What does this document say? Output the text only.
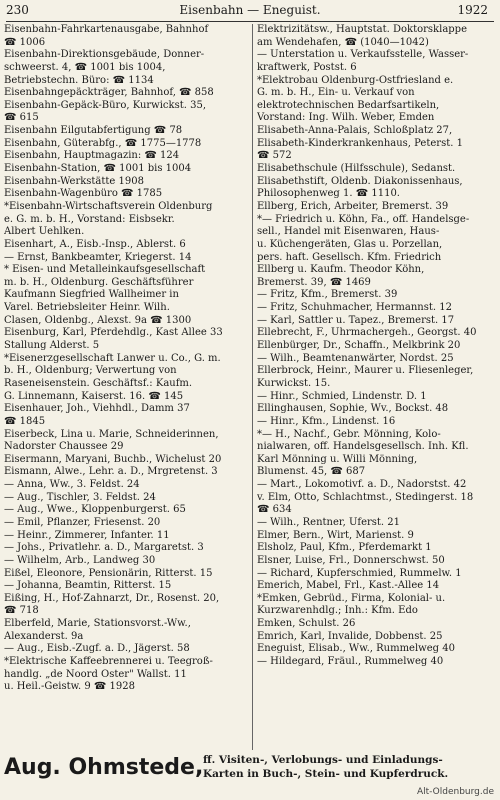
230	Eisenbahn — Eneguist.	1922
Eisenbahn-Fahrkartenausgabe, Bahnhof
☎ 1006
Eisenbahn-Direktionsgebäude, Donner-
schweerst. 4, ☎ 1001 bis 1004,
Betriebstechn. Büro: ☎ 1134
Eisenbahngepäckträger, Bahnhof, ☎ 858
Eisenbahn-Gepäck-Büro, Kurwickst. 35,
☎ 615
Eisenbahn Eilgutabfertigung ☎ 78
Eisenbahn, Güterabfg., ☎ 1775—1778
Eisenbahn, Hauptmagazin: ☎ 124
Eisenbahn-Station, ☎ 1001 bis 1004
Eisenbahn-Werkstätte 1908
Eisenbahn-Wagenbüro ☎ 1785
*Eisenbahn-Wirtschaftsverein Oldenburg
e. G. m. b. H., Vorstand: Eisbsekr.
Albert Uehlken.
Eisenhart, A., Eisb.-Insp., Ablerst. 6
— Ernst, Bankbeamter, Kriegerst. 14
* Eisen- und Metalleinkaufsgesellschaft
m. b. H., Oldenburg. Geschäftsführer
Kaufmann Siegfried Wallheimer in
Varel. Betriebsleiter Heinr. Wilh.
Clasen, Oldenbg., Alexst. 9a ☎ 1300
Eisenburg, Karl, Pferdehdlg., Kast Allee 33
Stallung Alderst. 5
*Eisenerzgesellschaft Lanwer u. Co., G. m.
b. H., Oldenburg; Verwertung von
Raseneisenstein. Geschäftsf.: Kaufm.
G. Linnemann, Kaiserst. 16. ☎ 145
Eisenhauer, Joh., Viehhdl., Damm 37
☎ 1845
Eiserbeck, Lina u. Marie, Schneiderinnen,
Nadorster Chaussee 29
Eisermann, Maryani, Buchb., Wichelust 20
Eismann, Alwe., Lehr. a. D., Mrgretenst. 3
— Anna, Ww., 3. Feldst. 24
— Aug., Tischler, 3. Feldst. 24
— Aug., Wwe., Kloppenburgerst. 65
— Emil, Pflanzer, Friesenst. 20
— Heinr., Zimmerer, Infanter. 11
— Johs., Privatlehr. a. D., Margaretst. 3
— Wilhelm, Arb., Landweg 30
Eißel, Eleonore, Pensionärin, Ritterst. 15
— Johanna, Beamtin, Ritterst. 15
Eißing, H., Hof-Zahnarzt, Dr., Rosenst. 20,
☎ 718
Elberfeld, Marie, Stationsvorst.-Ww.,
Alexanderst. 9a
— Aug., Eisb.-Zugf. a. D., Jägerst. 58
*Elektrische Kaffeebrennerei u. Teegroß-
handlg. „de Noord Oster" Wallst. 11
u. Heil.-Geistw. 9 ☎ 1928
Elektrizitätsw., Hauptstat. Doktorsklappe
am Wendehafen, ☎ (1040—1042)
— Unterstation u. Verkaufsstelle, Wasser-
kraftwerk, Postst. 6
*Elektrobau Oldenburg-Ostfriesland e.
G. m. b. H., Ein- u. Verkauf von
elektrotechnischen Bedarfsartikeln,
Vorstand: Ing. Wilh. Weber, Emden
Elisabeth-Anna-Palais, Schloßplatz 27,
Elisabeth-Kinderkrankenhaus, Peterst. 1
☎ 572
Elisabethschule (Hilfsschule), Sedanst.
Elisabethstift, Oldenb. Diakonissenhaus,
Philosophenweg 1. ☎ 1110.
Ellberg, Erich, Arbeiter, Bremerst. 39
*— Friedrich u. Köhn, Fa., off. Handelsge-
sell., Handel mit Eisenwaren, Haus-
u. Küchengeräten, Glas u. Porzellan,
pers. haft. Gesellsch. Kfm. Friedrich
Ellberg u. Kaufm. Theodor Köhn,
Bremerst. 39, ☎ 1469
— Fritz, Kfm., Bremerst. 39
— Fritz, Schuhmacher, Hermannst. 12
— Karl, Sattler u. Tapez., Bremerst. 17
Ellebrecht, F., Uhrmachergeh., Georgst. 40
Ellenbürger, Dr., Schaffn., Melkbrink 20
— Wilh., Beamtenanwärter, Nordst. 25
Ellerbrock, Heinr., Maurer u. Fliesenleger,
Kurwickst. 15.
— Hinr., Schmied, Lindenstr. D. 1
Ellinghausen, Sophie, Wv., Bockst. 48
— Hinr., Kfm., Lindenst. 16
*— H., Nachf., Gebr. Mönning, Kolo-
nialwaren, off. Handelsgesellsch. Inh. Kfl.
Karl Mönning u. Willi Mönning,
Blumenst. 45, ☎ 687
— Mart., Lokomotivf. a. D., Nadorstst. 42
v. Elm, Otto, Schlachtmst., Stedingerst. 18
☎ 634
— Wilh., Rentner, Uferst. 21
Elmer, Bern., Wirt, Marienst. 9
Elsholz, Paul, Kfm., Pferdemarkt 1
Elsner, Luise, Frl., Donnerschwst. 50
— Richard, Kupferschmied, Rummelw. 1
Emerich, Mabel, Frl., Kast.-Allee 14
*Emken, Gebrüd., Firma, Kolonial- u.
Kurzwarenhdlg.; Inh.: Kfm. Edo
Emken, Schulst. 26
Emrich, Karl, Invalide, Dobbenst. 25
Eneguist, Elisab., Ww., Rummelweg 40
— Hildegard, Fräul., Rummelweg 40
Aug. Ohmstede, ff. Visiten-, Verlobungs- und Einladungs-
Karten in Buch-, Stein- und Kupferdruck.
Alt-Oldenburg.de
